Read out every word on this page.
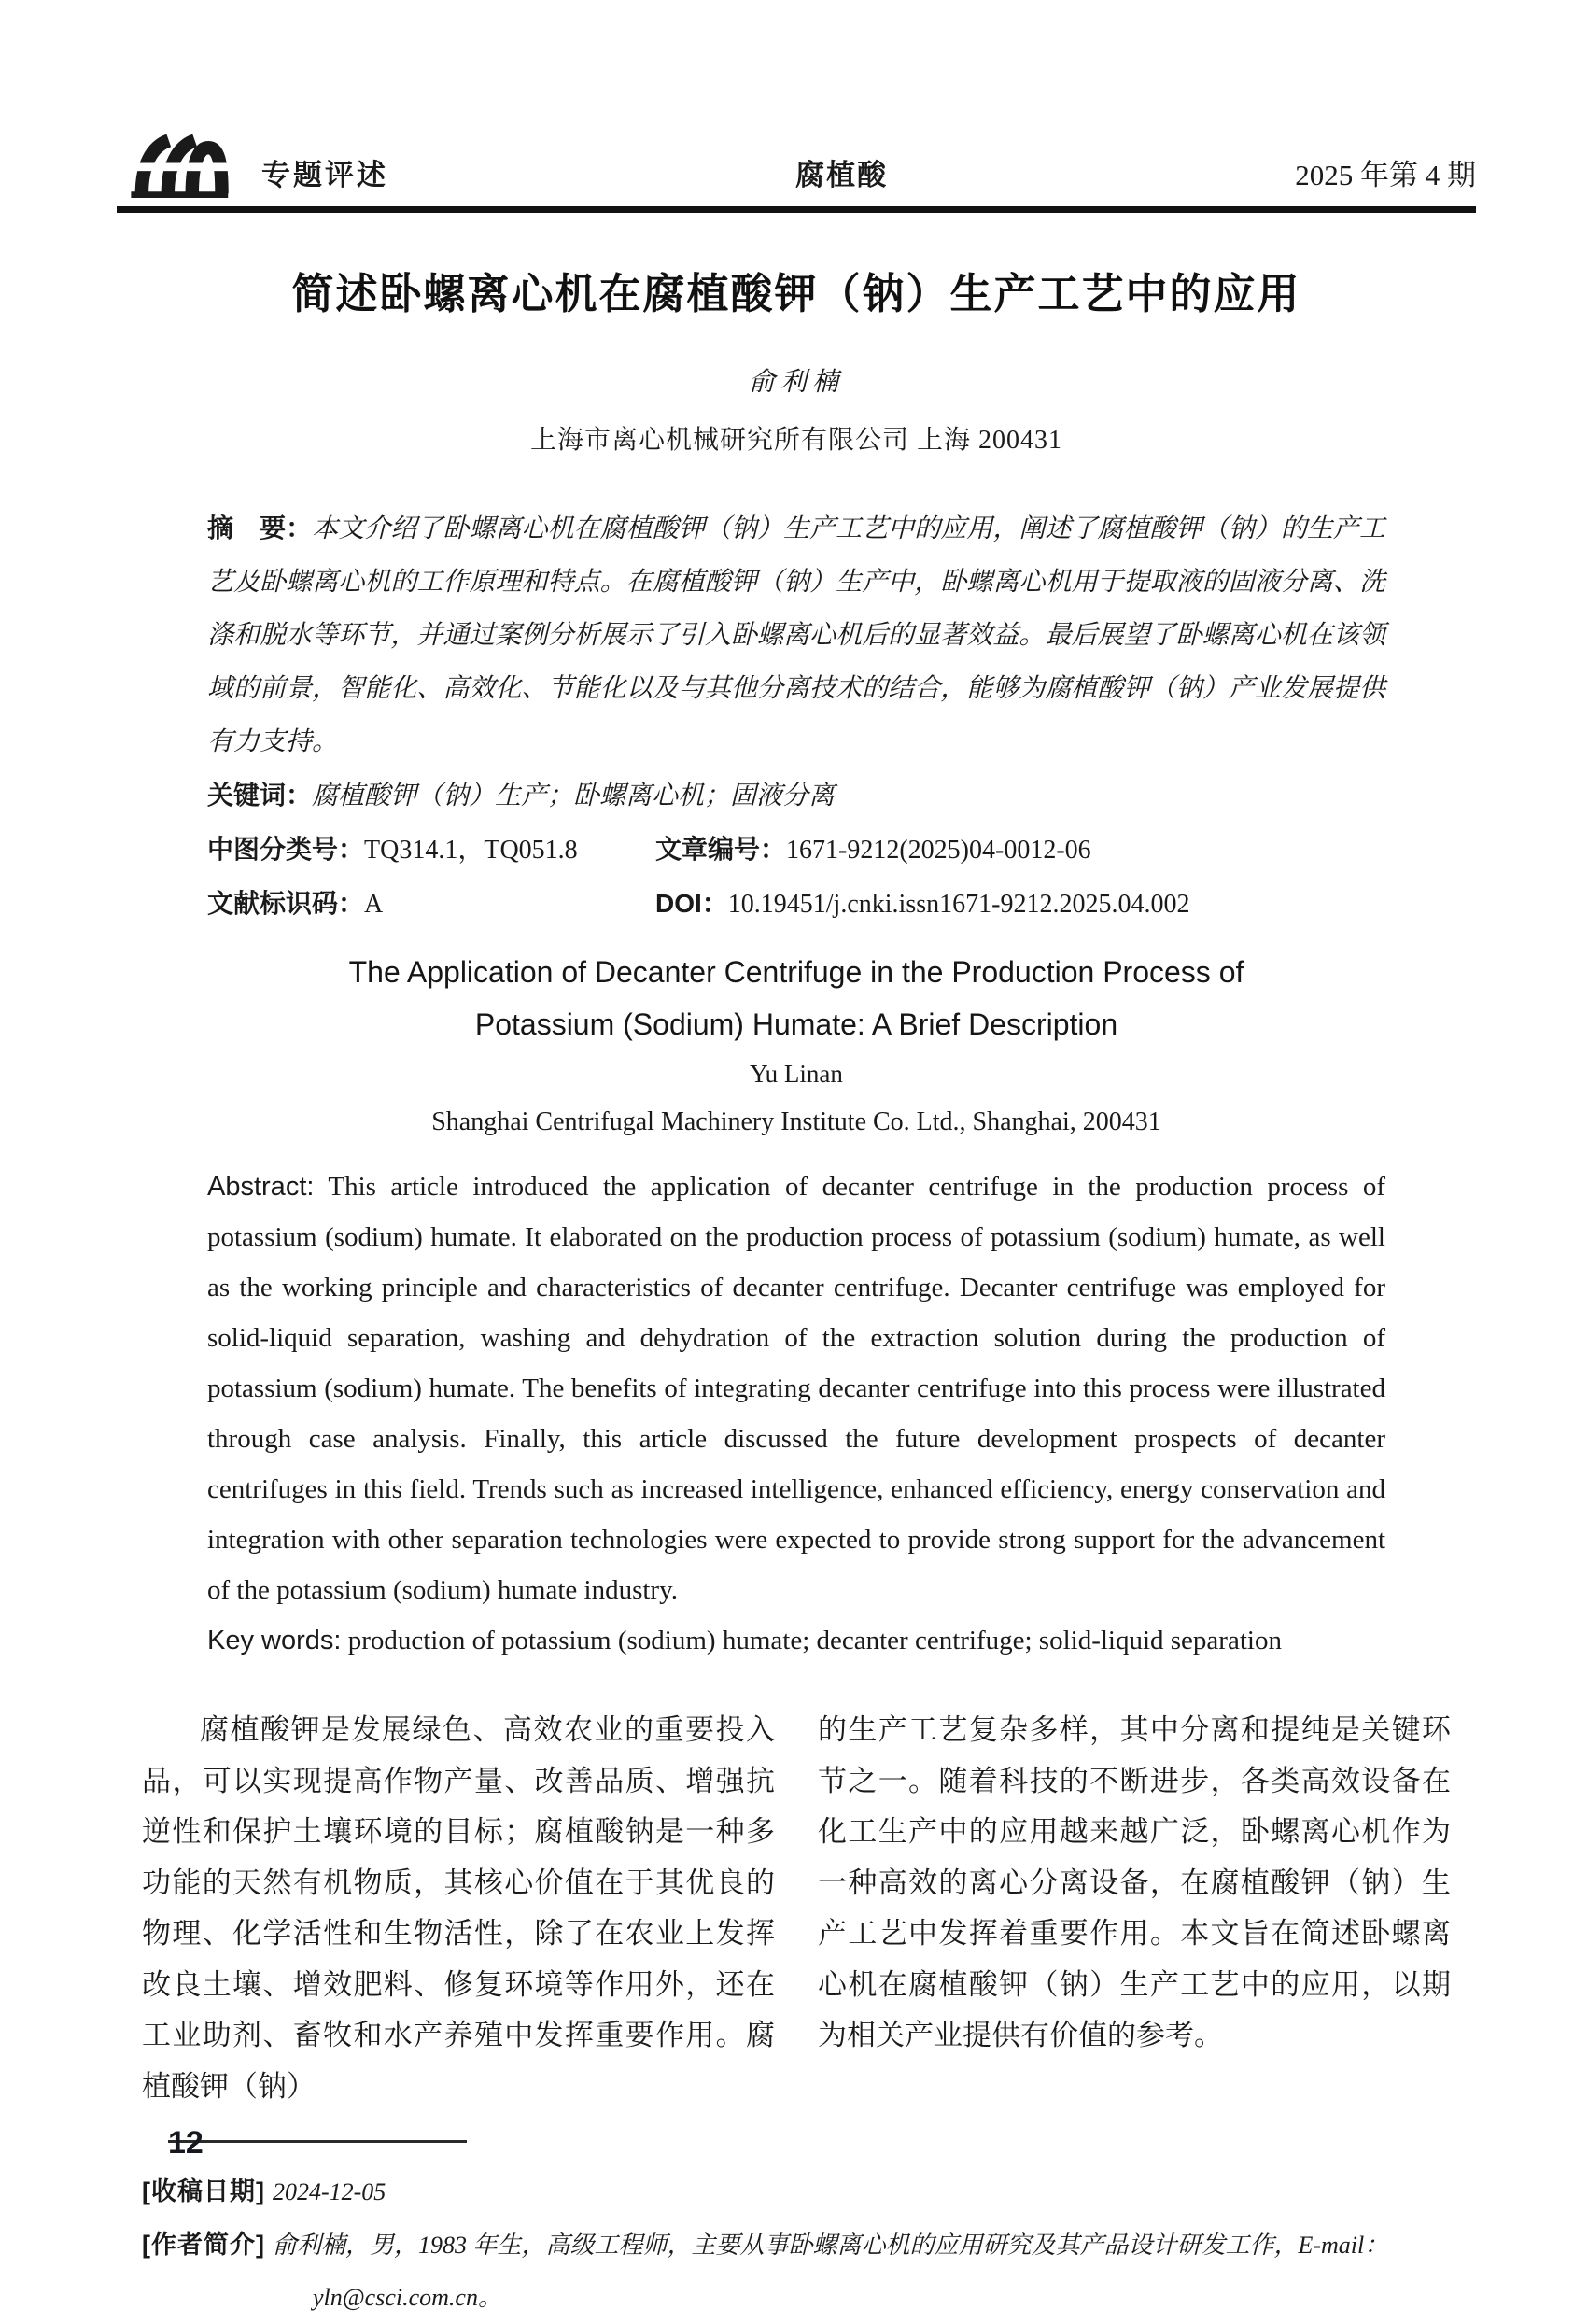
专题评述	腐植酸	2025 年第 4 期
简述卧螺离心机在腐植酸钾（钠）生产工艺中的应用
俞利楠
上海市离心机械研究所有限公司 上海 200431

摘　要：本文介绍了卧螺离心机在腐植酸钾（钠）生产工艺中的应用，阐述了腐植酸钾（钠）的生产工艺及卧螺离心机的工作原理和特点。在腐植酸钾（钠）生产中，卧螺离心机用于提取液的固液分离、洗涤和脱水等环节，并通过案例分析展示了引入卧螺离心机后的显著效益。最后展望了卧螺离心机在该领域的前景，智能化、高效化、节能化以及与其他分离技术的结合，能够为腐植酸钾（钠）产业发展提供有力支持。

关键词：腐植酸钾（钠）生产；卧螺离心机；固液分离

中图分类号：TQ314.1，TQ051.8	文章编号：1671-9212(2025)04-0012-06
文献标识码：A	DOI：10.19451/j.cnki.issn1671-9212.2025.04.002
The Application of Decanter Centrifuge in the Production Process of
Potassium (Sodium) Humate: A Brief Description
Yu Linan
Shanghai Centrifugal Machinery Institute Co. Ltd., Shanghai, 200431

Abstract: This article introduced the application of decanter centrifuge in the production process of potassium (sodium) humate. It elaborated on the production process of potassium (sodium) humate, as well as the working principle and characteristics of decanter centrifuge. Decanter centrifuge was employed for solid-liquid separation, washing and dehydration of the extraction solution during the production of potassium (sodium) humate. The benefits of integrating decanter centrifuge into this process were illustrated through case analysis. Finally, this article discussed the future development prospects of decanter centrifuges in this field. Trends such as increased intelligence, enhanced efficiency, energy conservation and integration with other separation technologies were expected to provide strong support for the advancement of the potassium (sodium) humate industry.

Key words: production of potassium (sodium) humate; decanter centrifuge; solid-liquid separation

腐植酸钾是发展绿色、高效农业的重要投入品，可以实现提高作物产量、改善品质、增强抗逆性和保护土壤环境的目标；腐植酸钠是一种多功能的天然有机物质，其核心价值在于其优良的物理、化学活性和生物活性，除了在农业上发挥改良土壤、增效肥料、修复环境等作用外，还在工业助剂、畜牧和水产养殖中发挥重要作用。腐植酸钾（钠）
的生产工艺复杂多样，其中分离和提纯是关键环节之一。随着科技的不断进步，各类高效设备在化工生产中的应用越来越广泛，卧螺离心机作为一种高效的离心分离设备，在腐植酸钾（钠）生产工艺中发挥着重要作用。本文旨在简述卧螺离心机在腐植酸钾（钠）生产工艺中的应用，以期为相关产业提供有价值的参考。
[收稿日期] 2024-12-05
[作者简介] 俞利楠，男，1983 年生，高级工程师，主要从事卧螺离心机的应用研究及其产品设计研发工作，E-mail：
yln@csci.com.cn。
12
